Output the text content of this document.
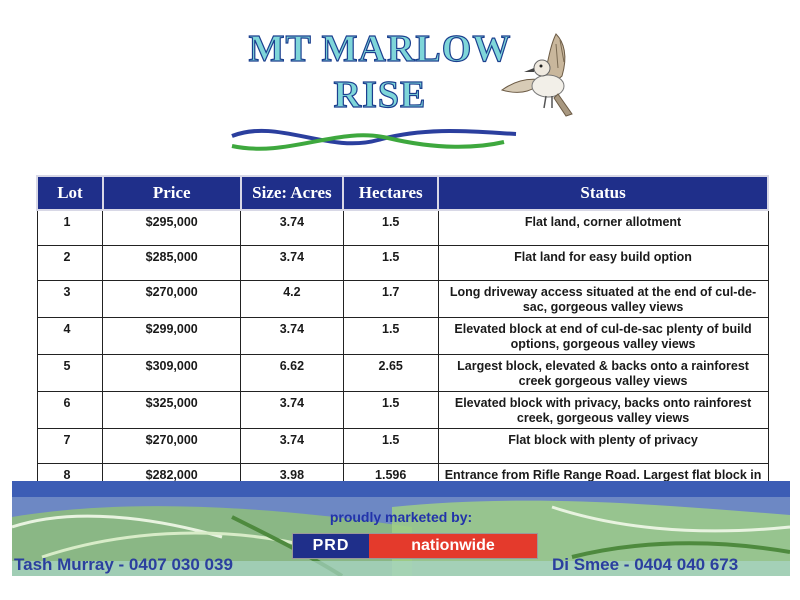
MT MARLOW
RISE
Lot	Price	Size: Acres	Hectares	Status
1	$295,000	3.74	1.5	Flat land, corner allotment
2	$285,000	3.74	1.5	Flat land for easy build option
3	$270,000	4.2	1.7	Long driveway access situated at the end of cul-de-sac, gorgeous valley views
4	$299,000	3.74	1.5	Elevated block at end of cul-de-sac plenty of build options, gorgeous valley views
5	$309,000	6.62	2.65	Largest block, elevated & backs onto a rainforest creek gorgeous valley views
6	$325,000	3.74	1.5	Elevated block with privacy, backs onto rainforest creek, gorgeous valley views
7	$270,000	3.74	1.5	Flat block with plenty of privacy
8	$282,000	3.98	1.596	Entrance from Rifle Range Road. Largest flat block in

proudly marketed by:

PRD	nationwide

Tash Murray - 0407 030 039	Di Smee - 0404 040 673
